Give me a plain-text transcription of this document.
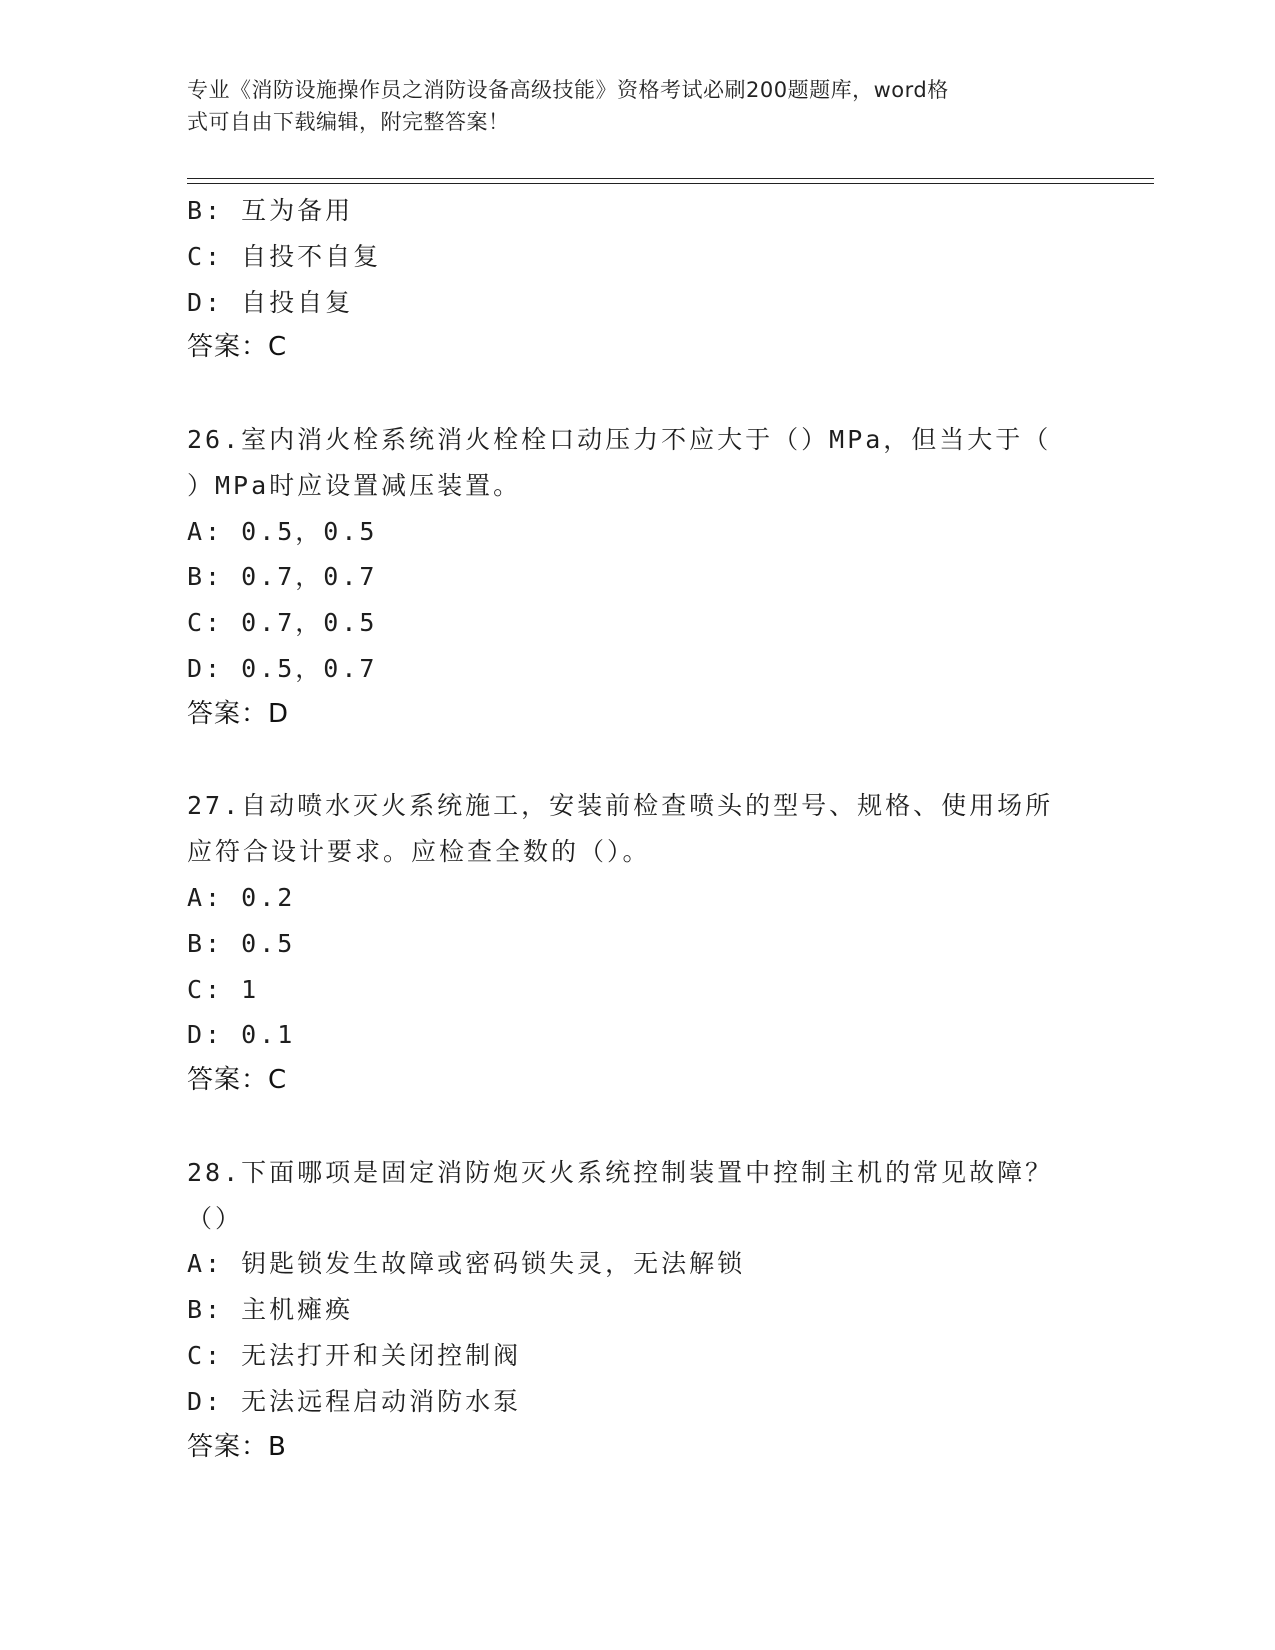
专业《消防设施操作员之消防设备高级技能》资格考试必刷200题题库，word格
式可自由下载编辑，附完整答案！
B: 互为备用
C: 自投不自复
D: 自投自复
答案：C
26.室内消火栓系统消火栓栓口动压力不应大于（）MPa，但当大于（
）MPa时应设置减压装置。
A: 0.5，0.5
B: 0.7，0.7
C: 0.7，0.5
D: 0.5，0.7
答案：D
27.自动喷水灭火系统施工，安装前检查喷头的型号、规格、使用场所
应符合设计要求。应检查全数的（）。
A: 0.2
B: 0.5
C: 1
D: 0.1
答案：C
28.下面哪项是固定消防炮灭火系统控制装置中控制主机的常见故障？
（）
A: 钥匙锁发生故障或密码锁失灵，无法解锁
B: 主机瘫痪
C: 无法打开和关闭控制阀
D: 无法远程启动消防水泵
答案：B
